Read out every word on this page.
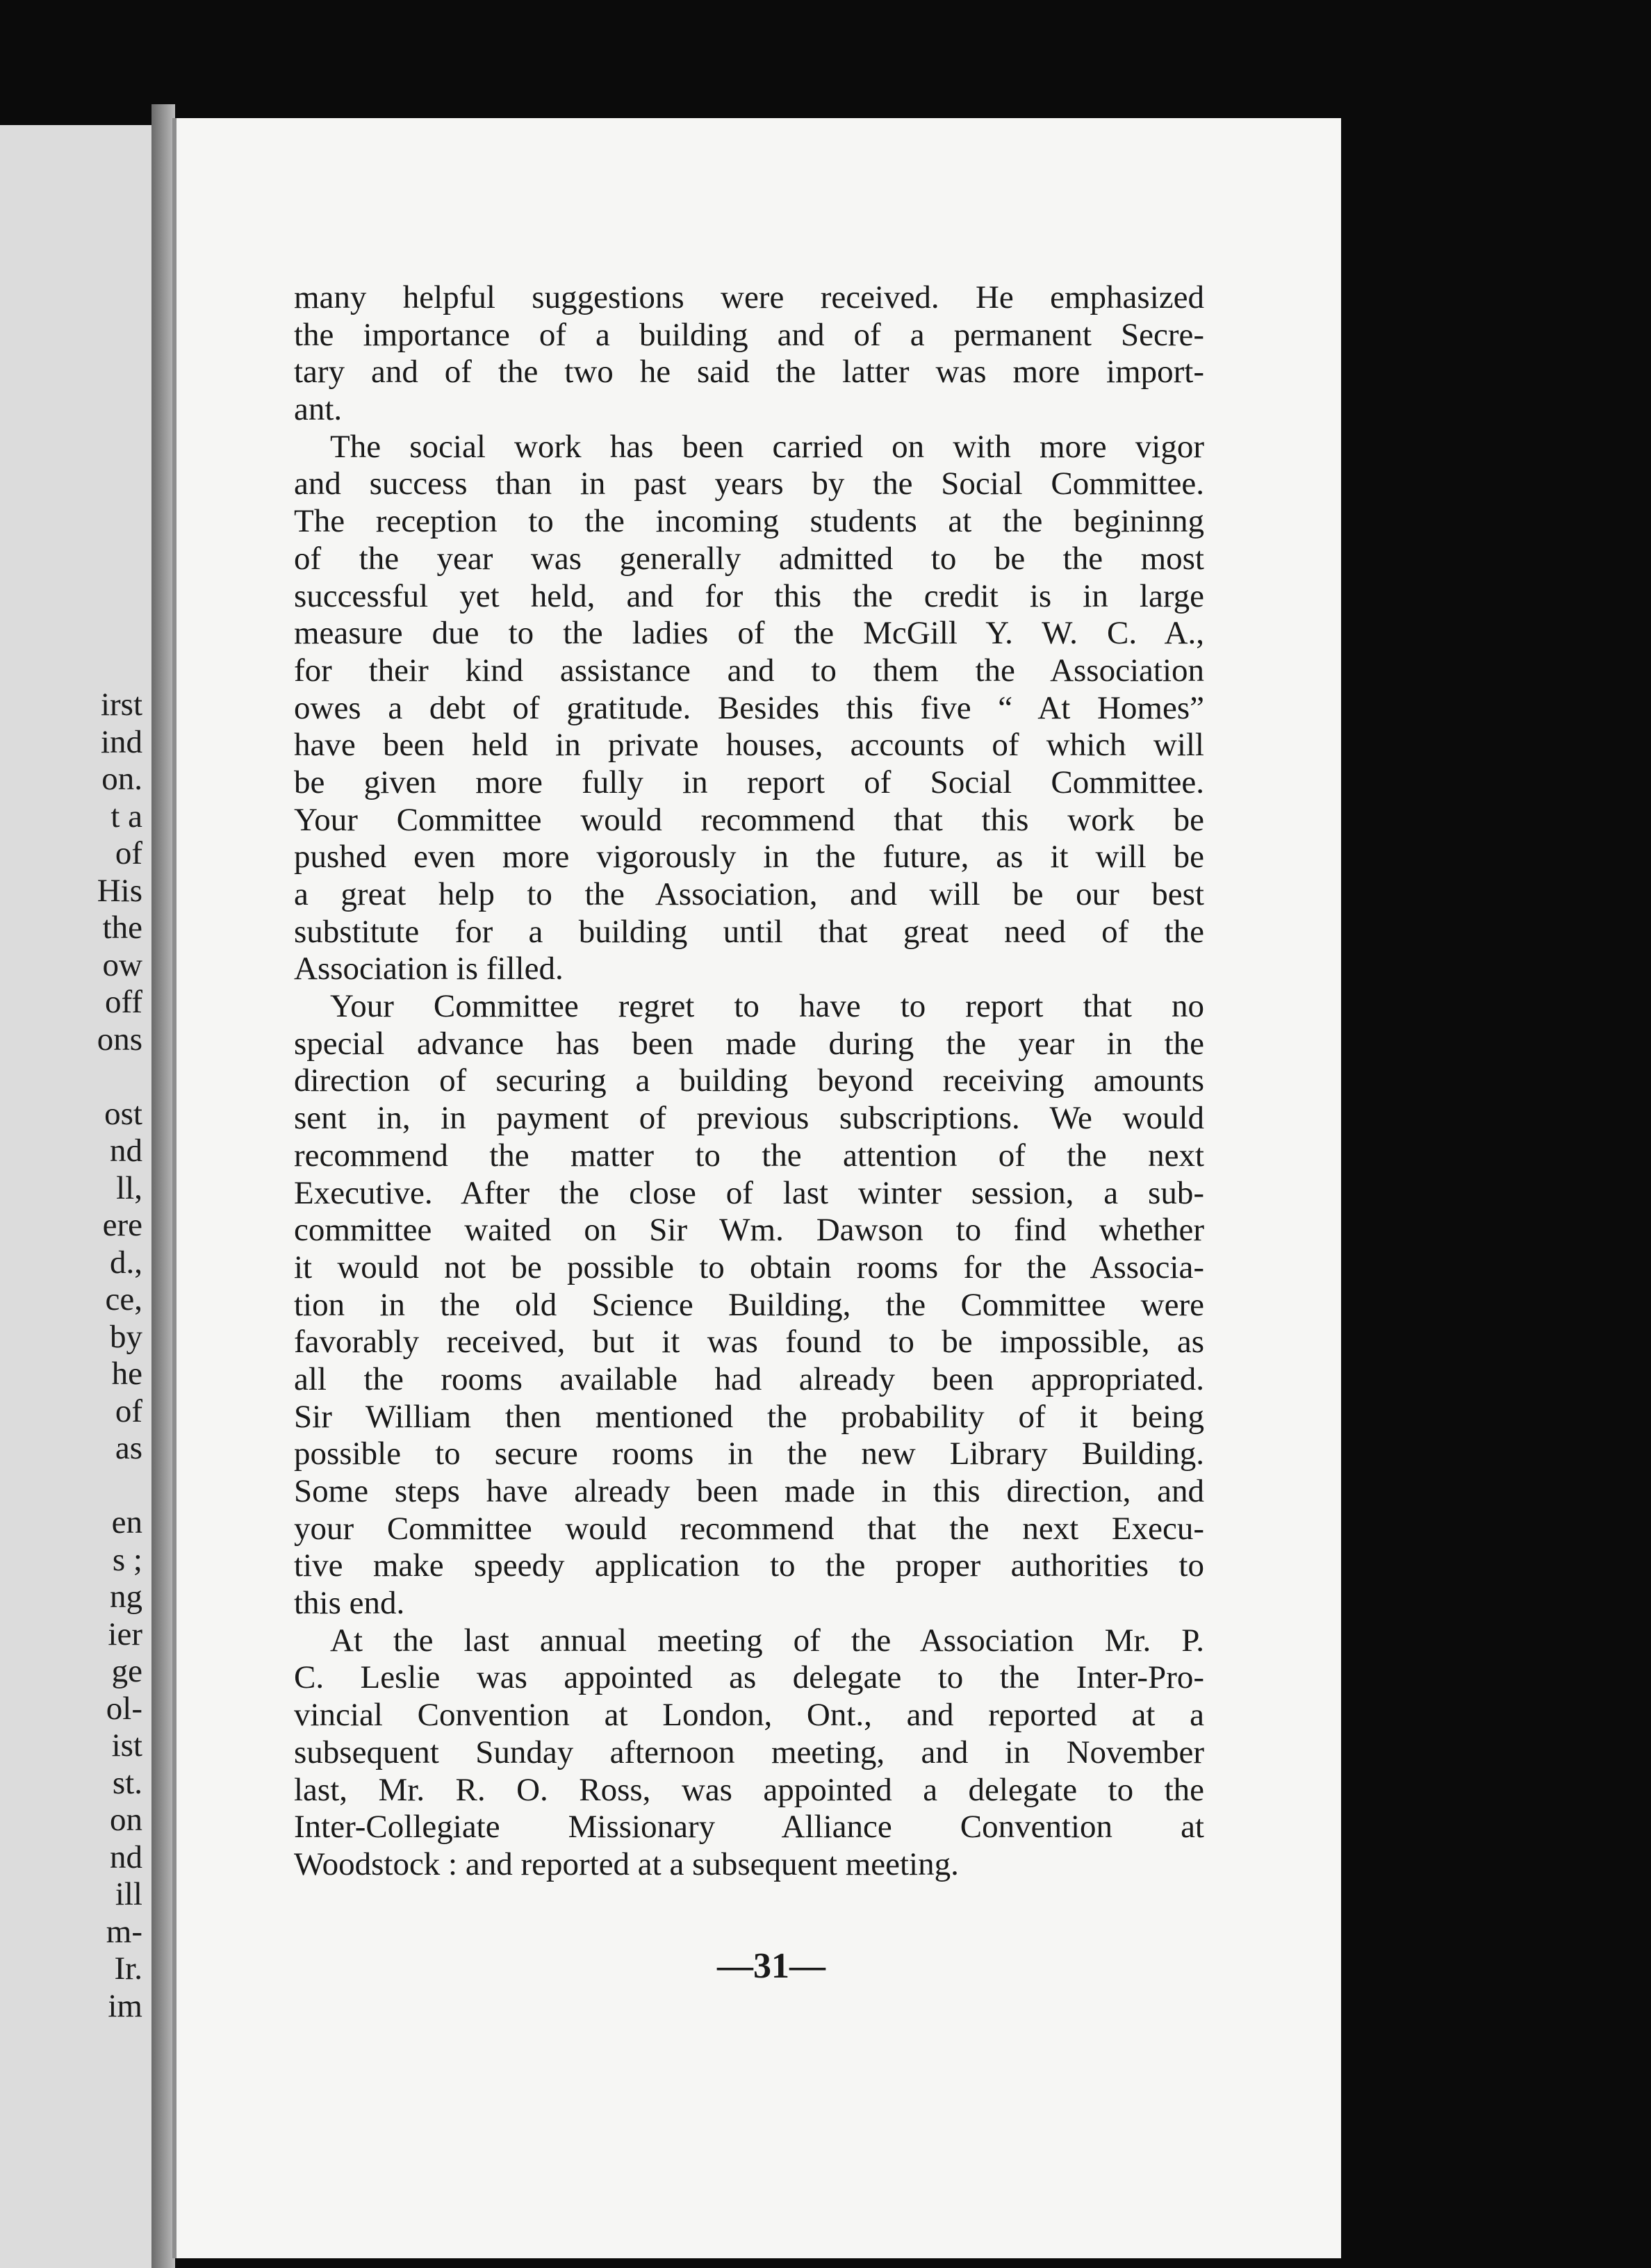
irst
ind
on.
t a
of
His
the
ow
off
ons
ost
nd
ll,
ere
d.,
ce,
by
he
of
as
en
s ;
ng
ier
ge
ol-
ist
st.
on
nd
ill
m-
Ir.
im
many helpful suggestions were received. He emphasized
the importance of a building and of a permanent Secre-
tary and of the two he said the latter was more import-
ant.
The social work has been carried on with more vigor
and success than in past years by the Social Committee.
The reception to the incoming students at the begininng
of the year was generally admitted to be the most
successful yet held, and for this the credit is in large
measure due to the ladies of the McGill Y. W. C. A.,
for their kind assistance and to them the Association
owes a debt of gratitude. Besides this five “ At Homes”
have been held in private houses, accounts of which will
be given more fully in report of Social Committee.
Your Committee would recommend that this work be
pushed even more vigorously in the future, as it will be
a great help to the Association, and will be our best
substitute for a building until that great need of the
Association is filled.
Your Committee regret to have to report that no
special advance has been made during the year in the
direction of securing a building beyond receiving amounts
sent in, in payment of previous subscriptions. We would
recommend the matter to the attention of the next
Executive. After the close of last winter session, a sub-
committee waited on Sir Wm. Dawson to find whether
it would not be possible to obtain rooms for the Associa-
tion in the old Science Building, the Committee were
favorably received, but it was found to be impossible, as
all the rooms available had already been appropriated.
Sir William then mentioned the probability of it being
possible to secure rooms in the new Library Building.
Some steps have already been made in this direction, and
your Committee would recommend that the next Execu-
tive make speedy application to the proper authorities to
this end.
At the last annual meeting of the Association Mr. P.
C. Leslie was appointed as delegate to the Inter-Pro-
vincial Convention at London, Ont., and reported at a
subsequent Sunday afternoon meeting, and in November
last, Mr. R. O. Ross, was appointed a delegate to the
Inter-Collegiate Missionary Alliance Convention at
Woodstock : and reported at a subsequent meeting.
—31—
